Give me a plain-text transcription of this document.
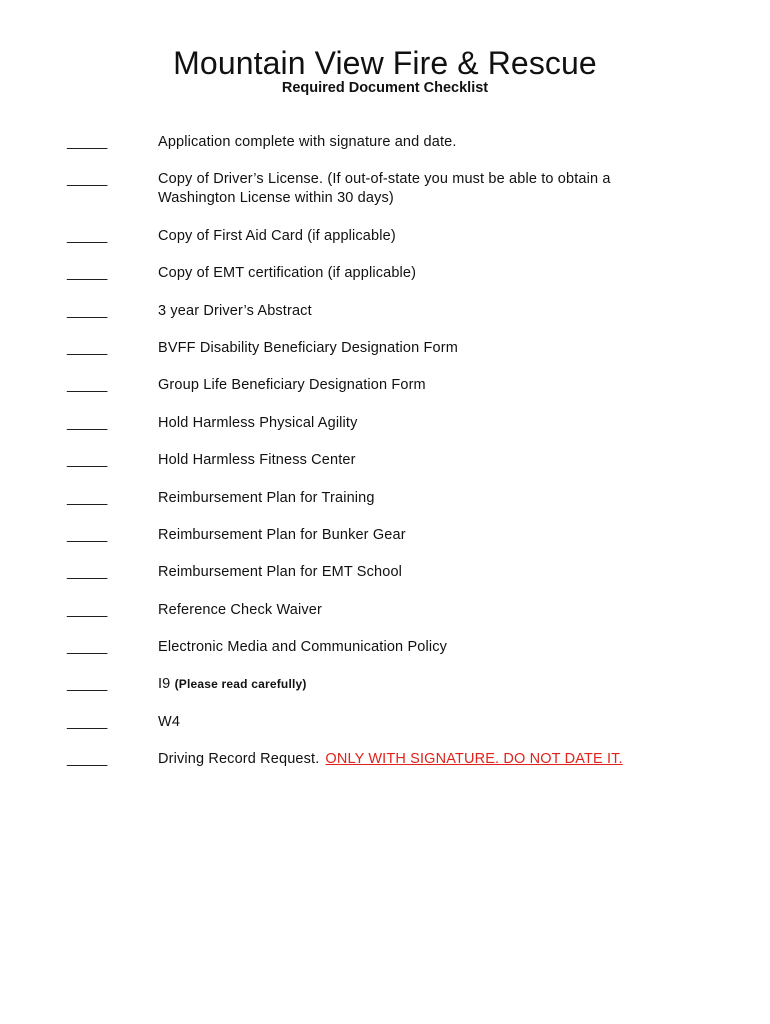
Mountain View Fire & Rescue
Required Document Checklist
_____	Application complete with signature and date.
_____	Copy of Driver’s License. (If out-of-state you must be able to obtain a Washington License within 30 days)
_____	Copy of First Aid Card (if applicable)
_____	Copy of EMT certification (if applicable)
_____	3 year Driver’s Abstract
_____	BVFF Disability Beneficiary Designation Form
_____	Group Life Beneficiary Designation Form
_____	Hold Harmless Physical Agility
_____	Hold Harmless Fitness Center
_____	Reimbursement Plan for Training
_____	Reimbursement Plan for Bunker Gear
_____	Reimbursement Plan for EMT School
_____	Reference Check Waiver
_____	Electronic Media and Communication Policy
_____	I9 (Please read carefully)
_____	W4
_____	Driving Record Request. ONLY WITH SIGNATURE. DO NOT DATE IT.
